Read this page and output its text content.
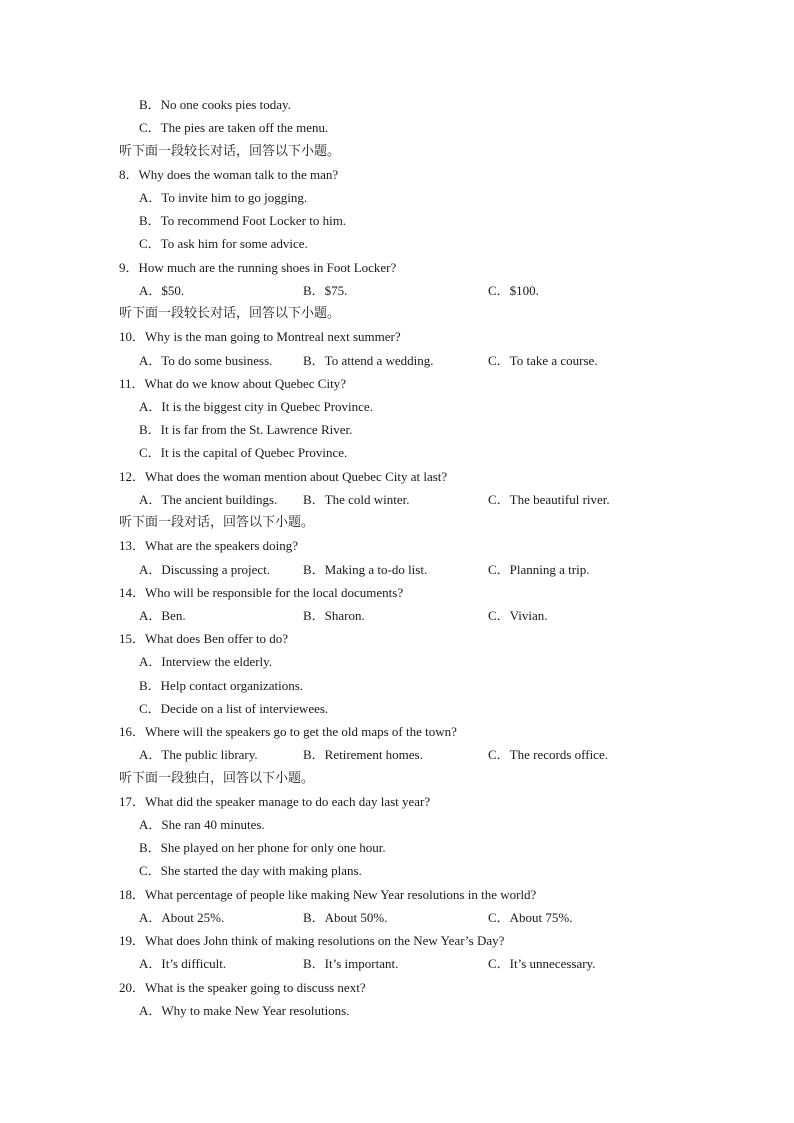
B．No one cooks pies today.
C．The pies are taken off the menu.
听下面一段较长对话，回答以下小题。
8．Why does the woman talk to the man?
A．To invite him to go jogging.
B．To recommend Foot Locker to him.
C．To ask him for some advice.
9．How much are the running shoes in Foot Locker?
A．$50.	B．$75.	C．$100.
听下面一段较长对话，回答以下小题。
10．Why is the man going to Montreal next summer?
A．To do some business. B．To attend a wedding.	C．To take a course.
11．What do we know about Quebec City?
A．It is the biggest city in Quebec Province.
B．It is far from the St. Lawrence River.
C．It is the capital of Quebec Province.
12．What does the woman mention about Quebec City at last?
A．The ancient buildings. B．The cold winter.	C．The beautiful river.
听下面一段对话，回答以下小题。
13．What are the speakers doing?
A．Discussing a project.	B．Making a to-do list.	C．Planning a trip.
14．Who will be responsible for the local documents?
A．Ben.	B．Sharon.	C．Vivian.
15．What does Ben offer to do?
A．Interview the elderly.
B．Help contact organizations.
C．Decide on a list of interviewees.
16．Where will the speakers go to get the old maps of the town?
A．The public library.	B．Retirement homes.	C．The records office.
听下面一段独白，回答以下小题。
17．What did the speaker manage to do each day last year?
A．She ran 40 minutes.
B．She played on her phone for only one hour.
C．She started the day with making plans.
18．What percentage of people like making New Year resolutions in the world?
A．About 25%.	B．About 50%.	C．About 75%.
19．What does John think of making resolutions on the New Year’s Day?
A．It’s difficult.	B．It’s important.	C．It’s unnecessary.
20．What is the speaker going to discuss next?
A．Why to make New Year resolutions.
